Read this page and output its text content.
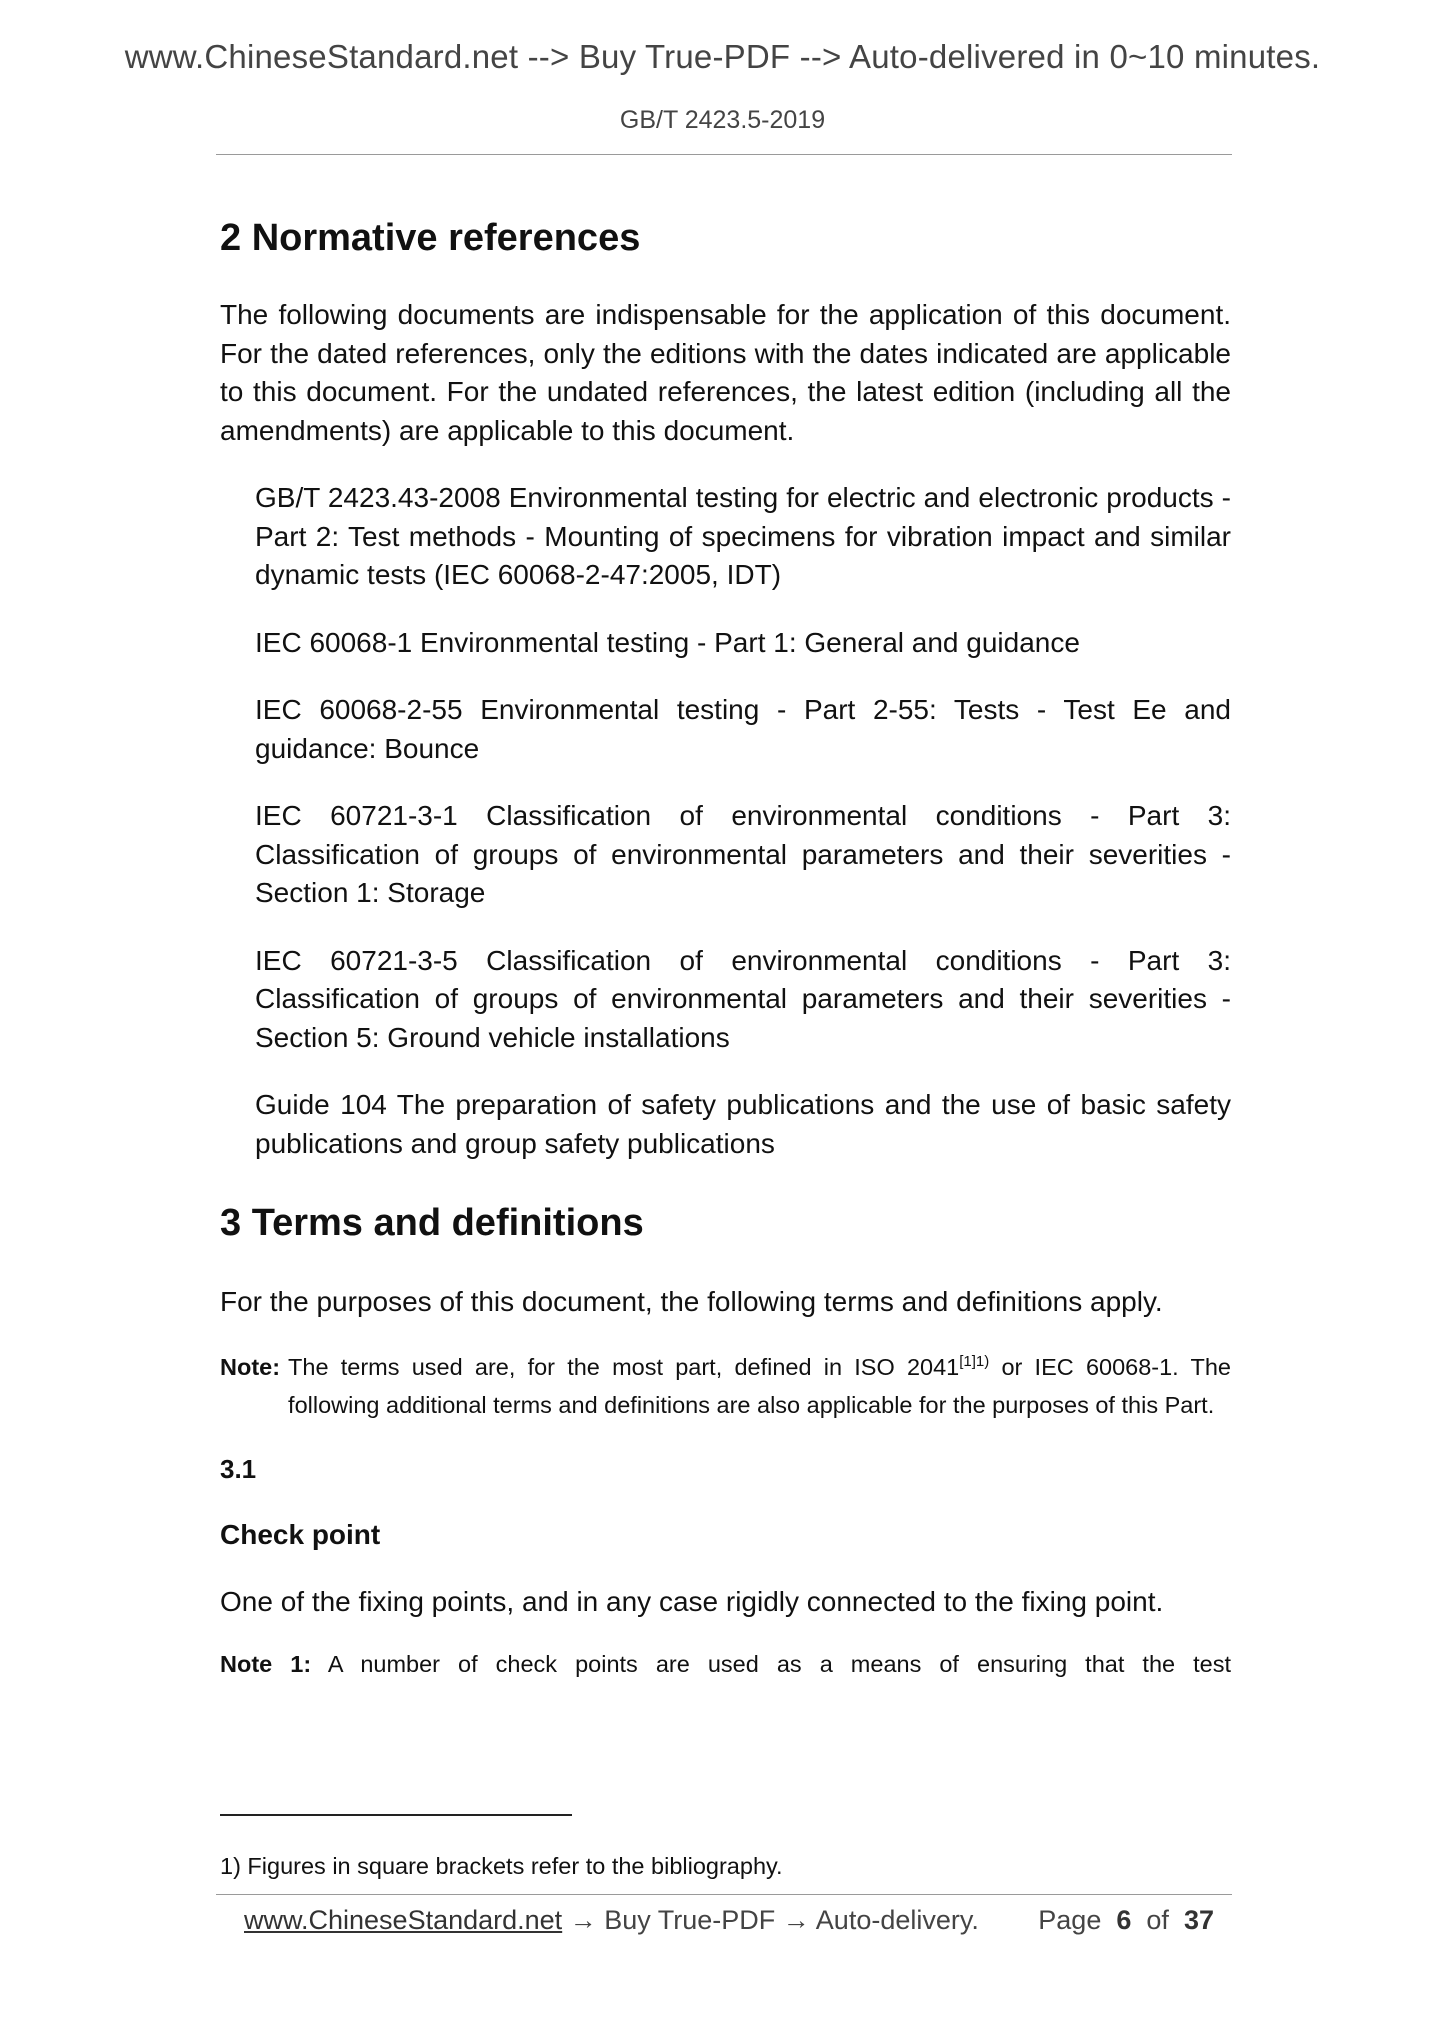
www.ChineseStandard.net --> Buy True-PDF --> Auto-delivered in 0~10 minutes.
GB/T 2423.5-2019
2 Normative references

The following documents are indispensable for the application of this document. For the dated references, only the editions with the dates indicated are applicable to this document. For the undated references, the latest edition (including all the amendments) are applicable to this document.

GB/T 2423.43-2008 Environmental testing for electric and electronic products - Part 2: Test methods - Mounting of specimens for vibration impact and similar dynamic tests (IEC 60068-2-47:2005, IDT)

IEC 60068-1 Environmental testing - Part 1: General and guidance

IEC 60068-2-55 Environmental testing - Part 2-55: Tests - Test Ee and guidance: Bounce

IEC 60721-3-1 Classification of environmental conditions - Part 3: Classification of groups of environmental parameters and their severities - Section 1: Storage

IEC 60721-3-5 Classification of environmental conditions - Part 3: Classification of groups of environmental parameters and their severities - Section 5: Ground vehicle installations

Guide 104 The preparation of safety publications and the use of basic safety publications and group safety publications

3 Terms and definitions

For the purposes of this document, the following terms and definitions apply.

Note: The terms used are, for the most part, defined in ISO $2041^{[1]1)}$ or IEC 60068-1. The following additional terms and definitions are also applicable for the purposes of this Part.

3.1

Check point

One of the fixing points, and in any case rigidly connected to the fixing point.

Note 1: A number of check points are used as a means of ensuring that the test

1) Figures in square brackets refer to the bibliography.
www.ChineseStandard.net → Buy True-PDF → Auto-delivery. Page 6 of 37
